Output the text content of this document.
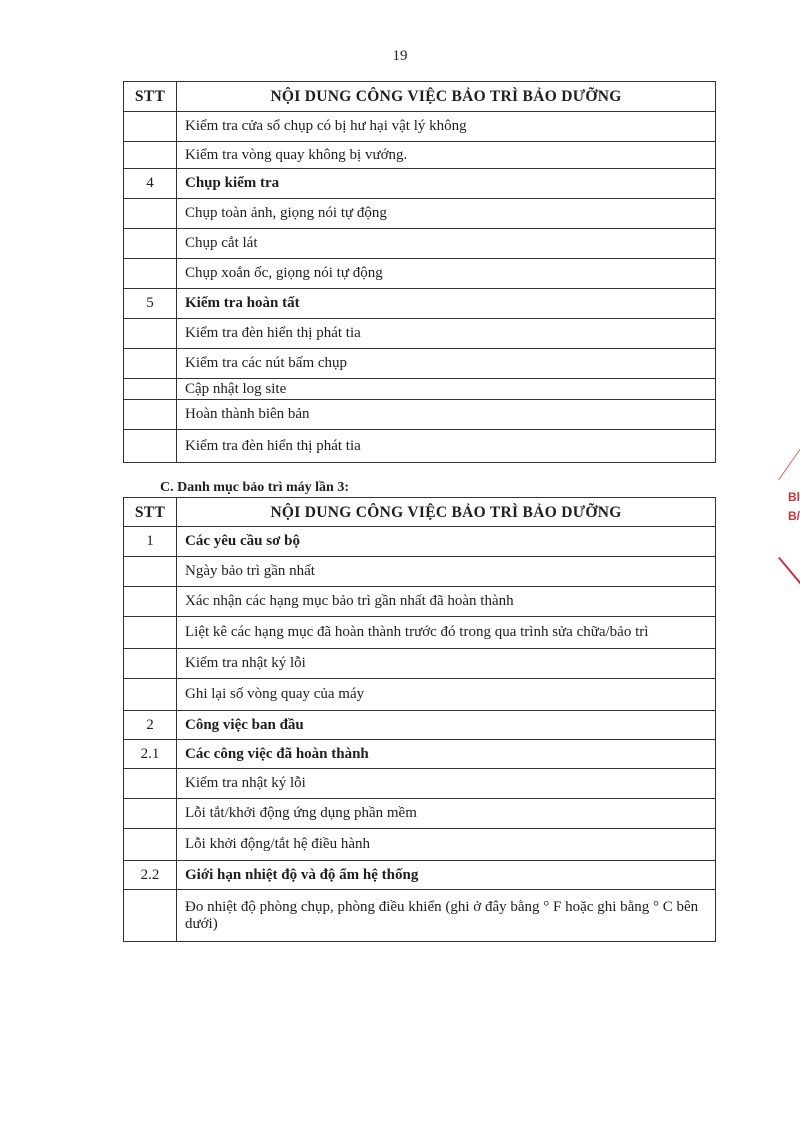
19
STT	NỘI DUNG CÔNG VIỆC BẢO TRÌ BẢO DƯỠNG
	Kiểm tra cửa sổ chụp có bị hư hại vật lý không
	Kiểm tra vòng quay không bị vướng.
4	Chụp kiểm tra
	Chụp toàn ảnh, giọng nói tự động
	Chụp cắt lát
	Chụp xoắn ốc, giọng nói tự động
5	Kiểm tra hoàn tất
	Kiểm tra đèn hiển thị phát tia
	Kiểm tra các nút bấm chụp
	Cập nhật log site
	Hoàn thành biên bản
	Kiểm tra đèn hiển thị phát tia
C. Danh mục bảo trì máy lần 3:
STT	NỘI DUNG CÔNG VIỆC BẢO TRÌ BẢO DƯỠNG
1	Các yêu cầu sơ bộ
	Ngày bảo trì gần nhất
	Xác nhận các hạng mục bảo trì gần nhất đã hoàn thành
	Liệt kê các hạng mục đã hoàn thành trước đó trong qua trình sửa chữa/bảo trì
	Kiểm tra nhật ký lỗi
	Ghi lại số vòng quay của máy
2	Công việc ban đầu
2.1	Các công việc đã hoàn thành
	Kiểm tra nhật ký lỗi
	Lỗi tắt/khởi động ứng dụng phần mềm
	Lỗi khởi động/tắt hệ điều hành
2.2	Giới hạn nhiệt độ và độ ẩm hệ thống
	Đo nhiệt độ phòng chụp, phòng điều khiển (ghi ở đây bằng ° F hoặc ghi bằng ° C bên dưới)
Bl
B/
